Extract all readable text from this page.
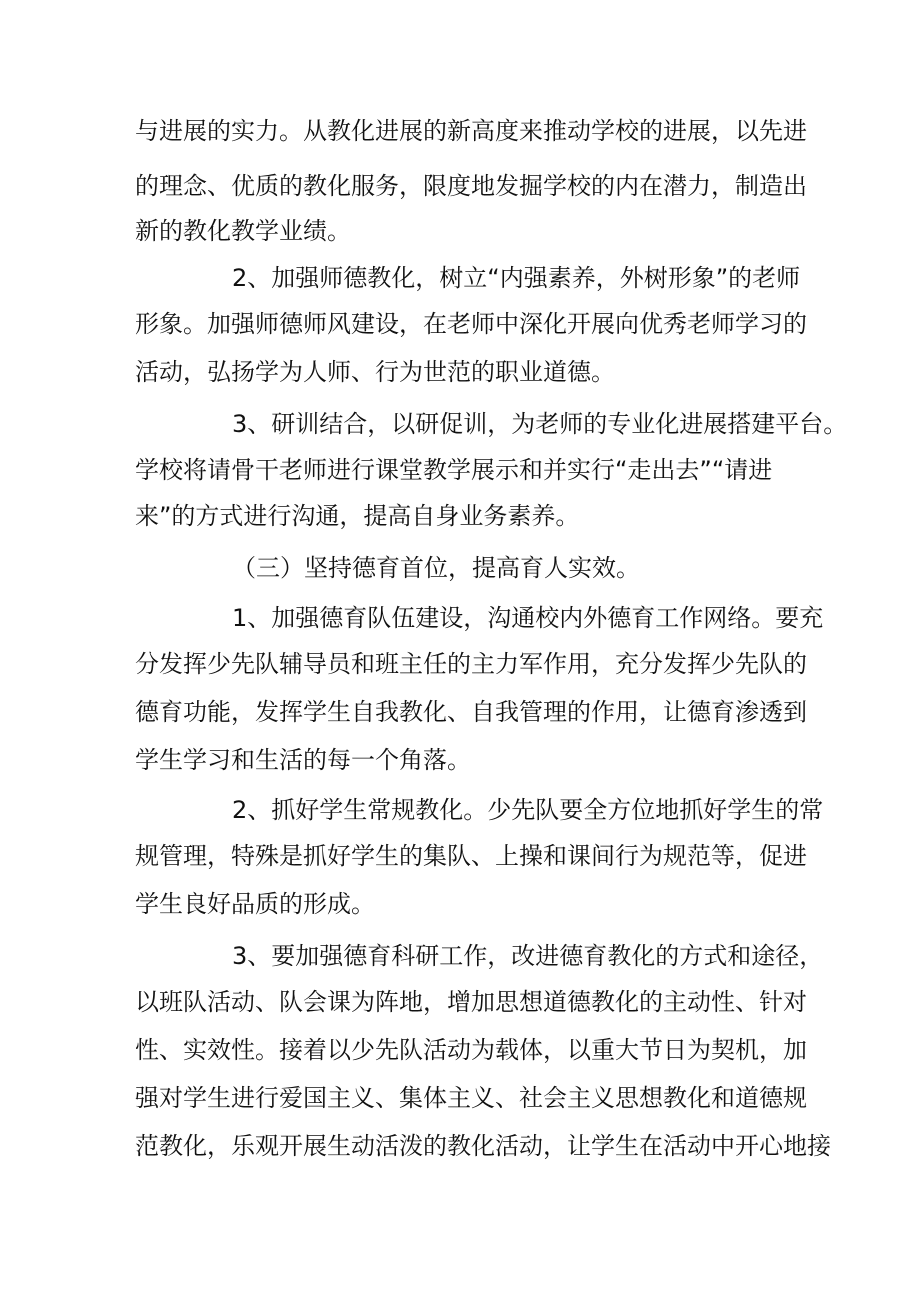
与进展的实力。从教化进展的新高度来推动学校的进展，以先进
的理念、优质的教化服务，限度地发掘学校的内在潜力，制造出
新的教化教学业绩。
2、加强师德教化，树立“内强素养，外树形象”的老师
形象。加强师德师风建设，在老师中深化开展向优秀老师学习的
活动，弘扬学为人师、行为世范的职业道德。
3、研训结合，以研促训，为老师的专业化进展搭建平台。
学校将请骨干老师进行课堂教学展示和并实行“走出去”“请进
来”的方式进行沟通，提高自身业务素养。
（三）坚持德育首位，提高育人实效。
1、加强德育队伍建设，沟通校内外德育工作网络。要充
分发挥少先队辅导员和班主任的主力军作用，充分发挥少先队的
德育功能，发挥学生自我教化、自我管理的作用，让德育渗透到
学生学习和生活的每一个角落。
2、抓好学生常规教化。少先队要全方位地抓好学生的常
规管理，特殊是抓好学生的集队、上操和课间行为规范等，促进
学生良好品质的形成。
3、要加强德育科研工作，改进德育教化的方式和途径，
以班队活动、队会课为阵地，增加思想道德教化的主动性、针对
性、实效性。接着以少先队活动为载体，以重大节日为契机，加
强对学生进行爱国主义、集体主义、社会主义思想教化和道德规
范教化，乐观开展生动活泼的教化活动，让学生在活动中开心地接
